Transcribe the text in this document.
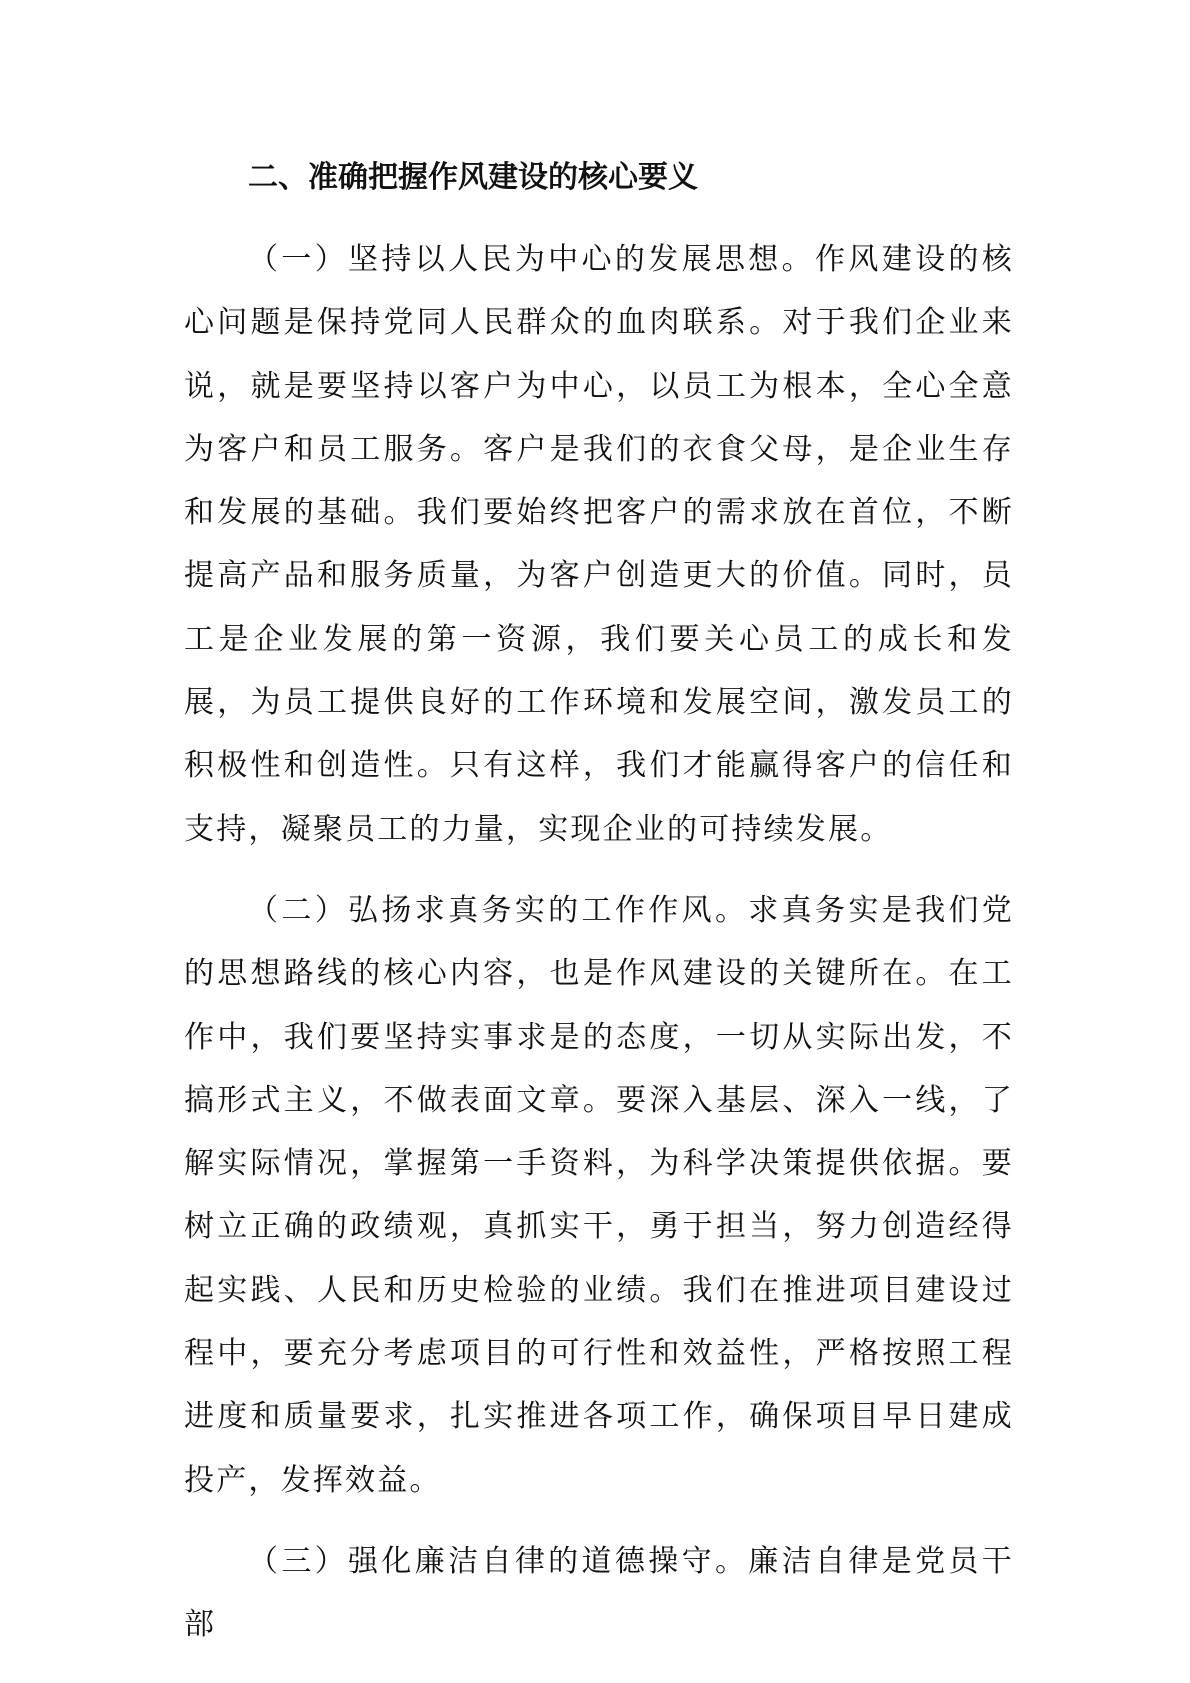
二、准确把握作风建设的核心要义

（一）坚持以人民为中心的发展思想。作风建设的核心问题是保持党同人民群众的血肉联系。对于我们企业来说，就是要坚持以客户为中心，以员工为根本，全心全意为客户和员工服务。客户是我们的衣食父母，是企业生存和发展的基础。我们要始终把客户的需求放在首位，不断提高产品和服务质量，为客户创造更大的价值。同时，员工是企业发展的第一资源，我们要关心员工的成长和发展，为员工提供良好的工作环境和发展空间，激发员工的积极性和创造性。只有这样，我们才能赢得客户的信任和支持，凝聚员工的力量，实现企业的可持续发展。

（二）弘扬求真务实的工作作风。求真务实是我们党的思想路线的核心内容，也是作风建设的关键所在。在工作中，我们要坚持实事求是的态度，一切从实际出发，不搞形式主义，不做表面文章。要深入基层、深入一线，了解实际情况，掌握第一手资料，为科学决策提供依据。要树立正确的政绩观，真抓实干，勇于担当，努力创造经得起实践、人民和历史检验的业绩。我们在推进项目建设过程中，要充分考虑项目的可行性和效益性，严格按照工程进度和质量要求，扎实推进各项工作，确保项目早日建成投产，发挥效益。

（三）强化廉洁自律的道德操守。廉洁自律是党员干部
